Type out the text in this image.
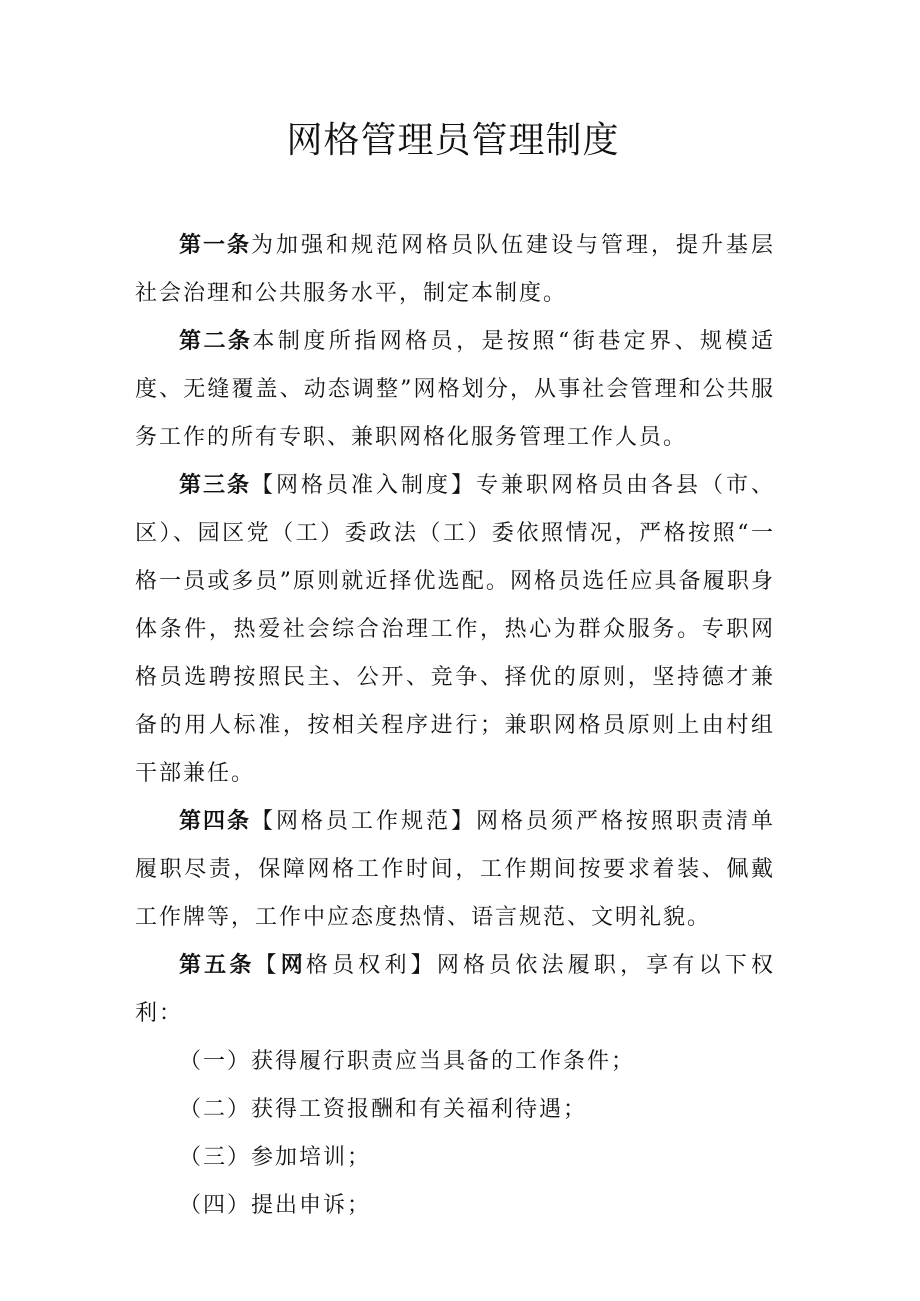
网格管理员管理制度

第一条为加强和规范网格员队伍建设与管理，提升基层社会治理和公共服务水平，制定本制度。

第二条本制度所指网格员，是按照“街巷定界、规模适度、无缝覆盖、动态调整”网格划分，从事社会管理和公共服务工作的所有专职、兼职网格化服务管理工作人员。

第三条【网格员准入制度】专兼职网格员由各县（市、区）、园区党（工）委政法（工）委依照情况，严格按照“一格一员或多员”原则就近择优选配。网格员选任应具备履职身体条件，热爱社会综合治理工作，热心为群众服务。专职网格员选聘按照民主、公开、竞争、择优的原则，坚持德才兼备的用人标准，按相关程序进行；兼职网格员原则上由村组干部兼任。

第四条【网格员工作规范】网格员须严格按照职责清单履职尽责，保障网格工作时间，工作期间按要求着装、佩戴工作牌等，工作中应态度热情、语言规范、文明礼貌。

第五条【网格员权利】网格员依法履职，享有以下权利：

（一）获得履行职责应当具备的工作条件；

（二）获得工资报酬和有关福利待遇；

（三）参加培训；

（四）提出申诉；
